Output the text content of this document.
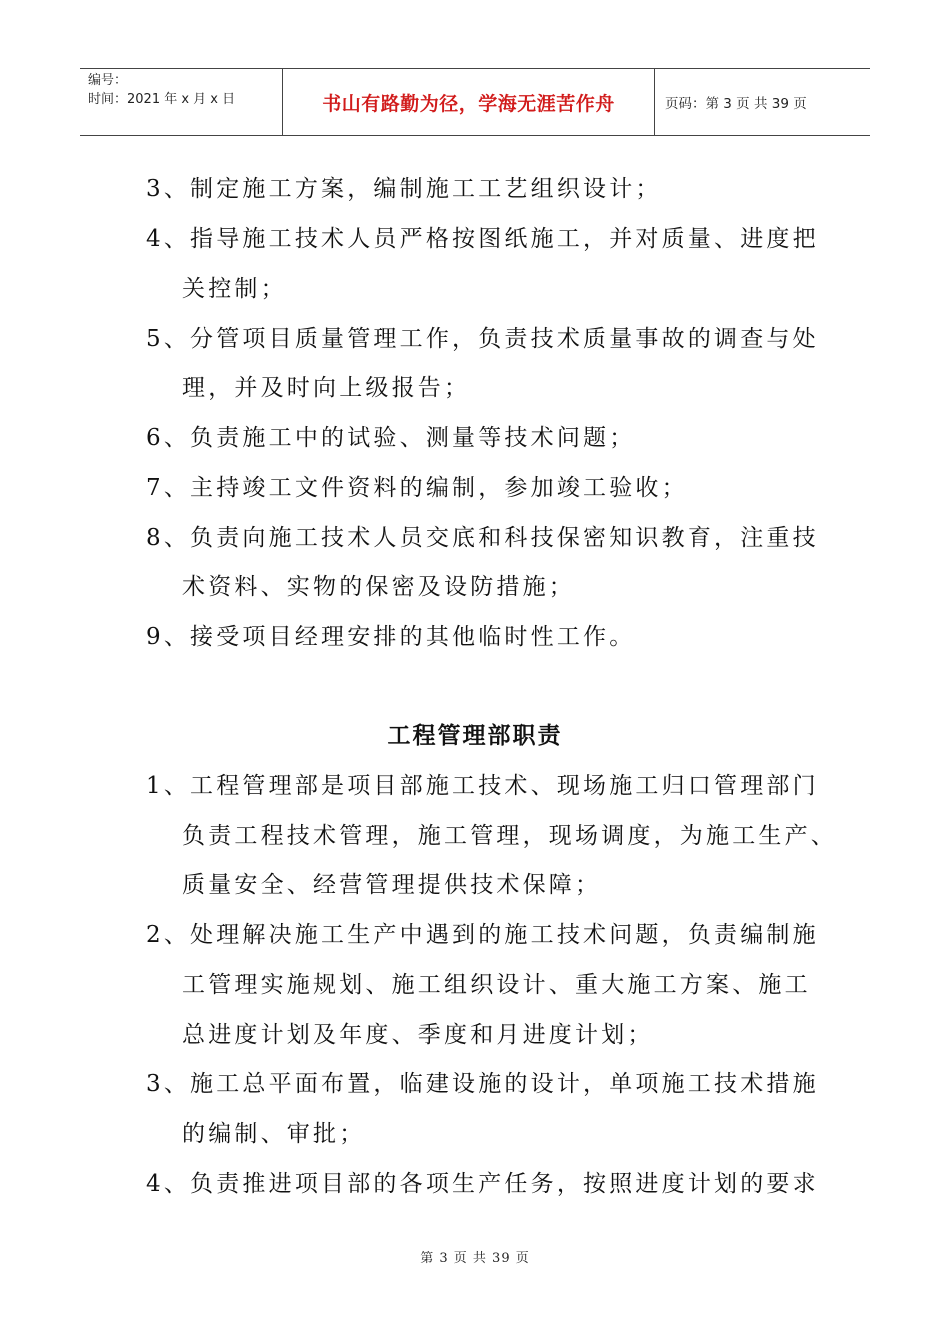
编号：
时间：2021 年 x 月 x 日	书山有路勤为径，学海无涯苦作舟	页码：第 3 页 共 39 页
3、制定施工方案，编制施工工艺组织设计；
4、指导施工技术人员严格按图纸施工，并对质量、进度把
关控制；
5、分管项目质量管理工作，负责技术质量事故的调查与处
理，并及时向上级报告；
6、负责施工中的试验、测量等技术问题；
7、主持竣工文件资料的编制，参加竣工验收；
8、负责向施工技术人员交底和科技保密知识教育，注重技
术资料、实物的保密及设防措施；
9、接受项目经理安排的其他临时性工作。
工程管理部职责
1、工程管理部是项目部施工技术、现场施工归口管理部门
负责工程技术管理，施工管理，现场调度，为施工生产、
质量安全、经营管理提供技术保障；
2、处理解决施工生产中遇到的施工技术问题，负责编制施
工管理实施规划、施工组织设计、重大施工方案、施工
总进度计划及年度、季度和月进度计划；
3、施工总平面布置，临建设施的设计，单项施工技术措施
的编制、审批；
4、负责推进项目部的各项生产任务，按照进度计划的要求
第 3 页 共 39 页
